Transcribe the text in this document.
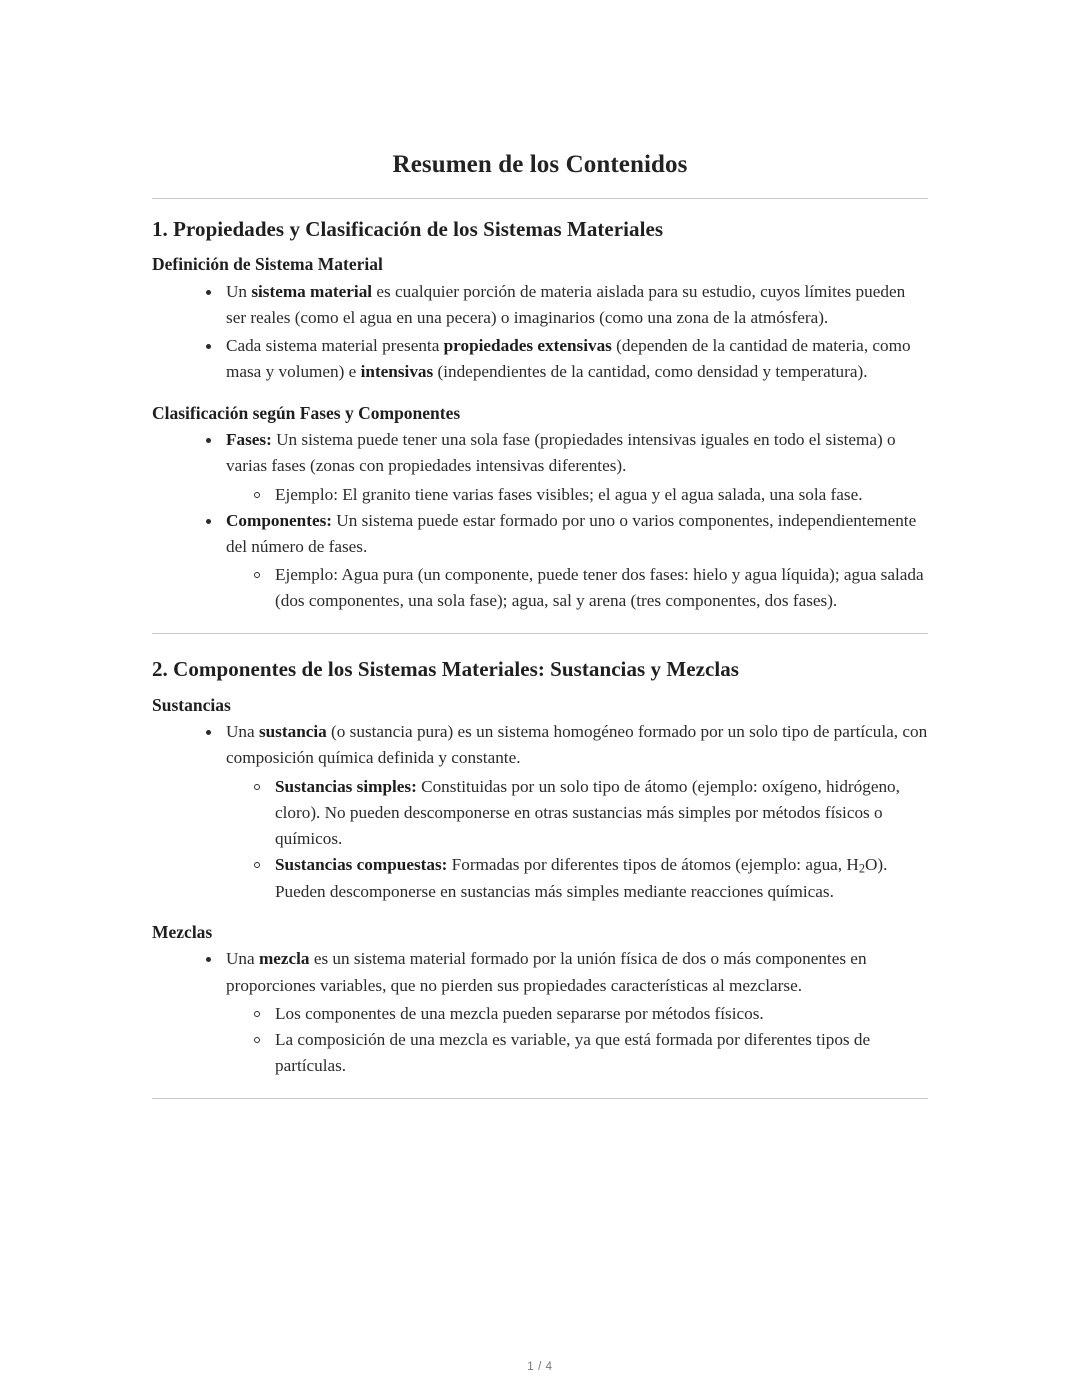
Resumen de los Contenidos
1. Propiedades y Clasificación de los Sistemas Materiales
Definición de Sistema Material
Un sistema material es cualquier porción de materia aislada para su estudio, cuyos límites pueden ser reales (como el agua en una pecera) o imaginarios (como una zona de la atmósfera).
Cada sistema material presenta propiedades extensivas (dependen de la cantidad de materia, como masa y volumen) e intensivas (independientes de la cantidad, como densidad y temperatura).
Clasificación según Fases y Componentes
Fases: Un sistema puede tener una sola fase (propiedades intensivas iguales en todo el sistema) o varias fases (zonas con propiedades intensivas diferentes).
Ejemplo: El granito tiene varias fases visibles; el agua y el agua salada, una sola fase.
Componentes: Un sistema puede estar formado por uno o varios componentes, independientemente del número de fases.
Ejemplo: Agua pura (un componente, puede tener dos fases: hielo y agua líquida); agua salada (dos componentes, una sola fase); agua, sal y arena (tres componentes, dos fases).
2. Componentes de los Sistemas Materiales: Sustancias y Mezclas
Sustancias
Una sustancia (o sustancia pura) es un sistema homogéneo formado por un solo tipo de partícula, con composición química definida y constante.
Sustancias simples: Constituidas por un solo tipo de átomo (ejemplo: oxígeno, hidrógeno, cloro). No pueden descomponerse en otras sustancias más simples por métodos físicos o químicos.
Sustancias compuestas: Formadas por diferentes tipos de átomos (ejemplo: agua, $H_2O$). Pueden descomponerse en sustancias más simples mediante reacciones químicas.
Mezclas
Una mezcla es un sistema material formado por la unión física de dos o más componentes en proporciones variables, que no pierden sus propiedades características al mezclarse.
Los componentes de una mezcla pueden separarse por métodos físicos.
La composición de una mezcla es variable, ya que está formada por diferentes tipos de partículas.
1 / 4
